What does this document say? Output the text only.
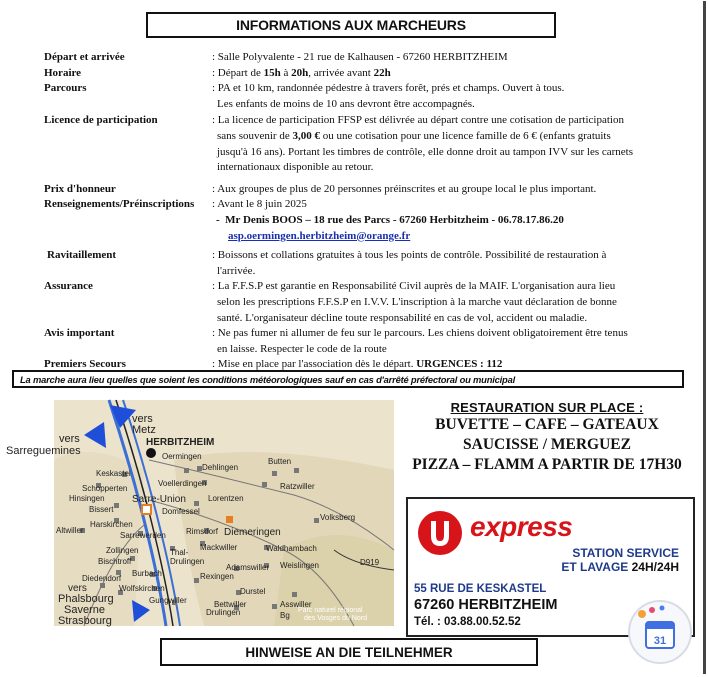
INFORMATIONS AUX MARCHEURS
Départ et arrivée	: Salle Polyvalente - 21 rue de Kalhausen - 67260 HERBITZHEIM
Horaire	: Départ de 15h à 20h, arrivée avant 22h
Parcours	: PA et 10 km, randonnée pédestre à travers forêt, prés et champs. Ouvert à tous.
Les enfants de moins de 10 ans devront être accompagnés.
Licence de participation	: La licence de participation FFSP est délivrée au départ contre une cotisation de participation
sans souvenir de 3,00 € ou une cotisation pour une licence famille de 6 € (enfants gratuits
jusqu'à 16 ans). Portant les timbres de contrôle, elle donne droit au tampon IVV sur les carnets
internationaux disponible au retour.
Prix d'honneur	: Aux groupes de plus de 20 personnes préinscrites et au groupe local le plus important.
Renseignements/Préinscriptions	: Avant le 8 juin 2025
-  Mr Denis BOOS – 18 rue des Parcs - 67260 Herbitzheim - 06.78.17.86.20
asp.oermingen.herbitzheim@orange.fr
Ravitaillement	: Boissons et collations gratuites à tous les points de contrôle. Possibilité de restauration à
l'arrivée.
Assurance	: La F.F.S.P est garantie en Responsabilité Civil auprès de la MAIF. L'organisation aura lieu
selon les prescriptions F.F.S.P en I.V.V. L'inscription à la marche vaut déclaration de bonne
santé. L'organisateur décline toute responsabilité en cas de vol, accident ou maladie.
Avis important	: Ne pas fumer ni allumer de feu sur le parcours. Les chiens doivent obligatoirement être tenus
en laisse. Respecter le code de la route
Premiers Secours	: Mise en place par l'association dès le départ. URGENCES : 112
La marche aura lieu quelles que soient les conditions météorologiques sauf en cas d'arrêté préfectoral ou municipal
vers
Metz
vers
Sarreguemines
HERBITZHEIM
Oermingen
Dehlingen
Butten
Keskastel
Voellerdingen
Schopperten
Sarre-Union	Lorentzen
Hinsingen
Bissert	Domfessel
Ratzwiller
Harskirchen
Sarrewerden
Altwiller	Rimsdorf Diemeringen
Volksberg
Waldhambach
Mackwiller
Zollingen	Thal-
Drulingen
Bischtroff
Adamswiller Weislingen
Burbach
Diedendorf	Rexingen
Wolfskirchen	Durstel
Drulingen
Gungwiller	Bettwiller	Asswiller
Bg
D919
vers
Phalsbourg
Saverne
Strasbourg
Parc naturel régional
des Vosges du Nord
RESTAURATION SUR PLACE :
BUVETTE – CAFE – GATEAUX
SAUCISSE / MERGUEZ
PIZZA – FLAMM A PARTIR DE 17H30
express
STATION SERVICE
ET LAVAGE 24H/24H
55 RUE DE KESKASTEL
67260 HERBITZHEIM
Tél. : 03.88.00.52.52
31
HINWEISE AN DIE TEILNEHMER
